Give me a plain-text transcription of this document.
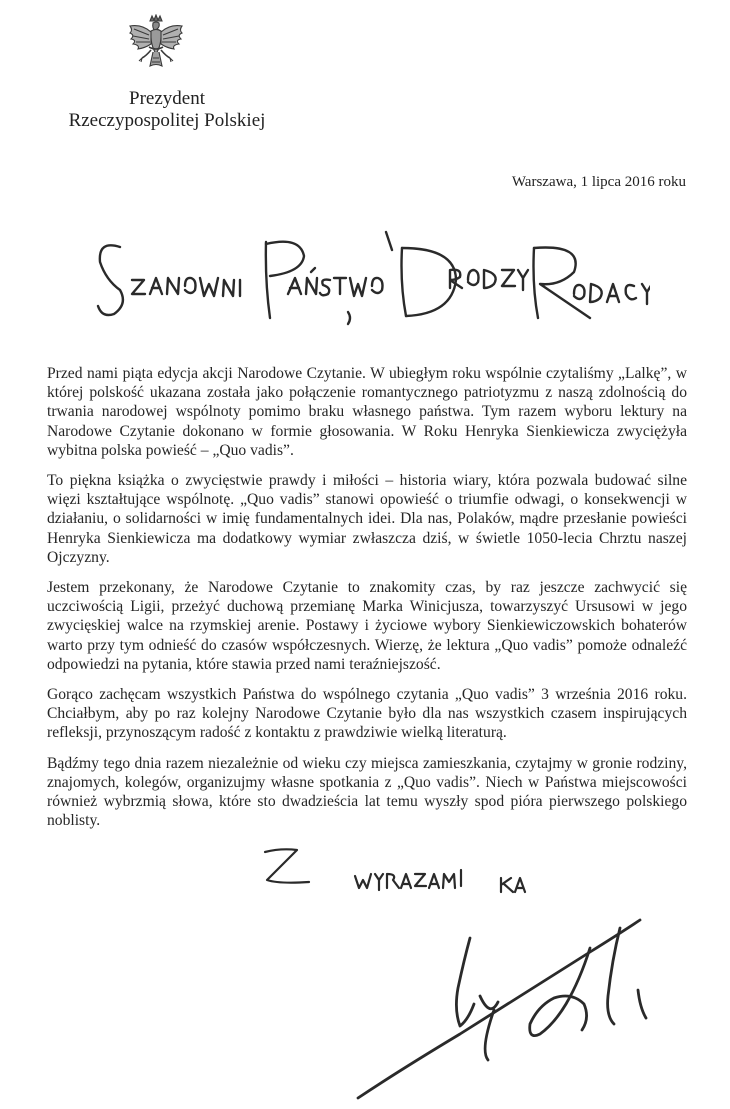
Prezydent
Rzeczypospolitej Polskiej
Warszawa, 1 lipca 2016 roku

Przed nami piąta edycja akcji Narodowe Czytanie. W ubiegłym roku wspólnie czytaliśmy „Lalkę”, w której polskość ukazana została jako połączenie romantycznego patriotyzmu z naszą zdolnością do trwania narodowej wspólnoty pomimo braku własnego państwa. Tym razem wyboru lektury na Narodowe Czytanie dokonano w formie głosowania. W Roku Henryka Sienkiewicza zwyciężyła wybitna polska powieść – „Quo vadis”.

To piękna książka o zwycięstwie prawdy i miłości – historia wiary, która pozwala budować silne więzi kształtujące wspólnotę. „Quo vadis” stanowi opowieść o triumfie odwagi, o konsekwencji w działaniu, o solidarności w imię fundamentalnych idei. Dla nas, Polaków, mądre przesłanie powieści Henryka Sienkiewicza ma dodatkowy wymiar zwłaszcza dziś, w świetle 1050-lecia Chrztu naszej Ojczyzny.

Jestem przekonany, że Narodowe Czytanie to znakomity czas, by raz jeszcze zachwycić się uczciwością Ligii, przeżyć duchową przemianę Marka Winicjusza, towarzyszyć Ursusowi w jego zwycięskiej walce na rzymskiej arenie. Postawy i życiowe wybory Sienkiewiczowskich bohaterów warto przy tym odnieść do czasów współczesnych. Wierzę, że lektura „Quo vadis” pomoże odnaleźć odpowiedzi na pytania, które stawia przed nami teraźniejszość.

Gorąco zachęcam wszystkich Państwa do wspólnego czytania „Quo vadis” 3 września 2016 roku. Chciałbym, aby po raz kolejny Narodowe Czytanie było dla nas wszystkich czasem inspirujących refleksji, przynoszącym radość z kontaktu z prawdziwie wielką literaturą.

Bądźmy tego dnia razem niezależnie od wieku czy miejsca zamieszkania, czytajmy w gronie rodziny, znajomych, kolegów, organizujmy własne spotkania z „Quo vadis”. Niech w Państwa miejscowości również wybrzmią słowa, które sto dwadzieścia lat temu wyszły spod pióra pierwszego polskiego noblisty.
